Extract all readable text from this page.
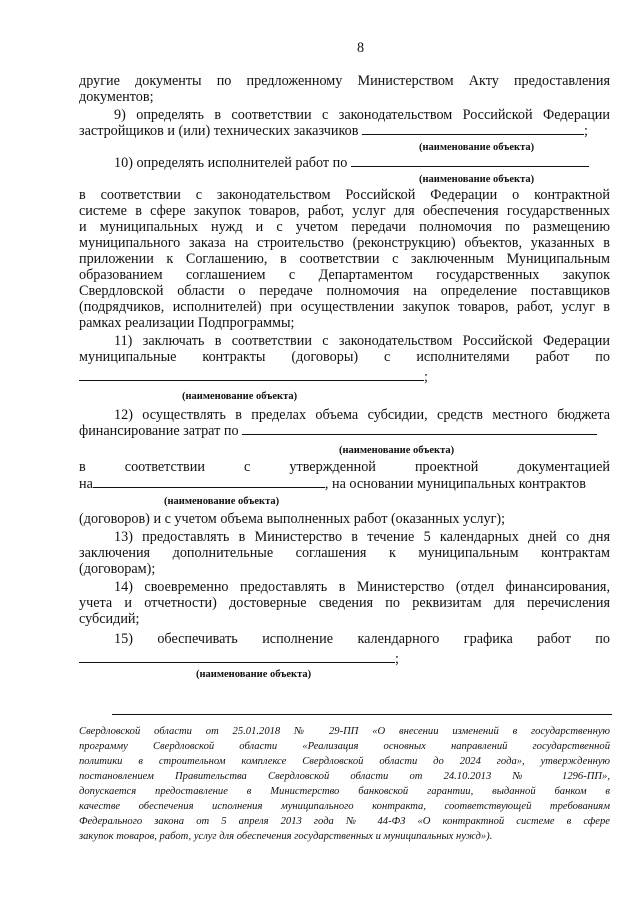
8
другие документы по предложенному Министерством Акту предоставления
документов;
9) определять в соответствии с законодательством Российской Федерации
застройщиков и (или) технических заказчиков	;
(наименование объекта)
10) определять исполнителей работ по
(наименование объекта)
в соответствии с законодательством Российской Федерации о контрактной
системе в сфере закупок товаров, работ, услуг для обеспечения государственных
и муниципальных нужд и с учетом передачи полномочия по размещению
муниципального заказа на строительство (реконструкцию) объектов, указанных в
приложении к Соглашению, в соответствии с заключенным Муниципальным
образованием соглашением с Департаментом государственных закупок
Свердловской области о передаче полномочия на определение поставщиков
(подрядчиков, исполнителей) при осуществлении закупок товаров, работ, услуг в
рамках реализации Подпрограммы;
11) заключать в соответствии с законодательством Российской Федерации
муниципальные контракты (договоры) с исполнителями работ по
;
(наименование объекта)
12) осуществлять в пределах объема субсидии, средств местного бюджета
финансирование затрат по
(наименование объекта)
в соответствии с утвержденной проектной документацией
на	, на основании муниципальных контрактов
(наименование объекта)
(договоров) и с учетом объема выполненных работ (оказанных услуг);
13) предоставлять в Министерство в течение 5 календарных дней со дня
заключения дополнительные соглашения к муниципальным контрактам
(договорам);
14) своевременно предоставлять в Министерство (отдел финансирования,
учета и отчетности) достоверные сведения по реквизитам для перечисления
субсидий;
15) обеспечивать исполнение календарного графика работ по
;
(наименование объекта)
Свердловской области от 25.01.2018 № 29-ПП «О внесении изменений в государственную
программу Свердловской области «Реализация основных направлений государственной
политики в строительном комплексе Свердловской области до 2024 года», утвержденную
постановлением Правительства Свердловской области от 24.10.2013 № 1296-ПП»,
допускается предоставление в Министерство банковской гарантии, выданной банком в
качестве обеспечения исполнения муниципального контракта, соответствующей требованиям
Федерального закона от 5 апреля 2013 года № 44-ФЗ «О контрактной системе в сфере
закупок товаров, работ, услуг для обеспечения государственных и муниципальных нужд»).
